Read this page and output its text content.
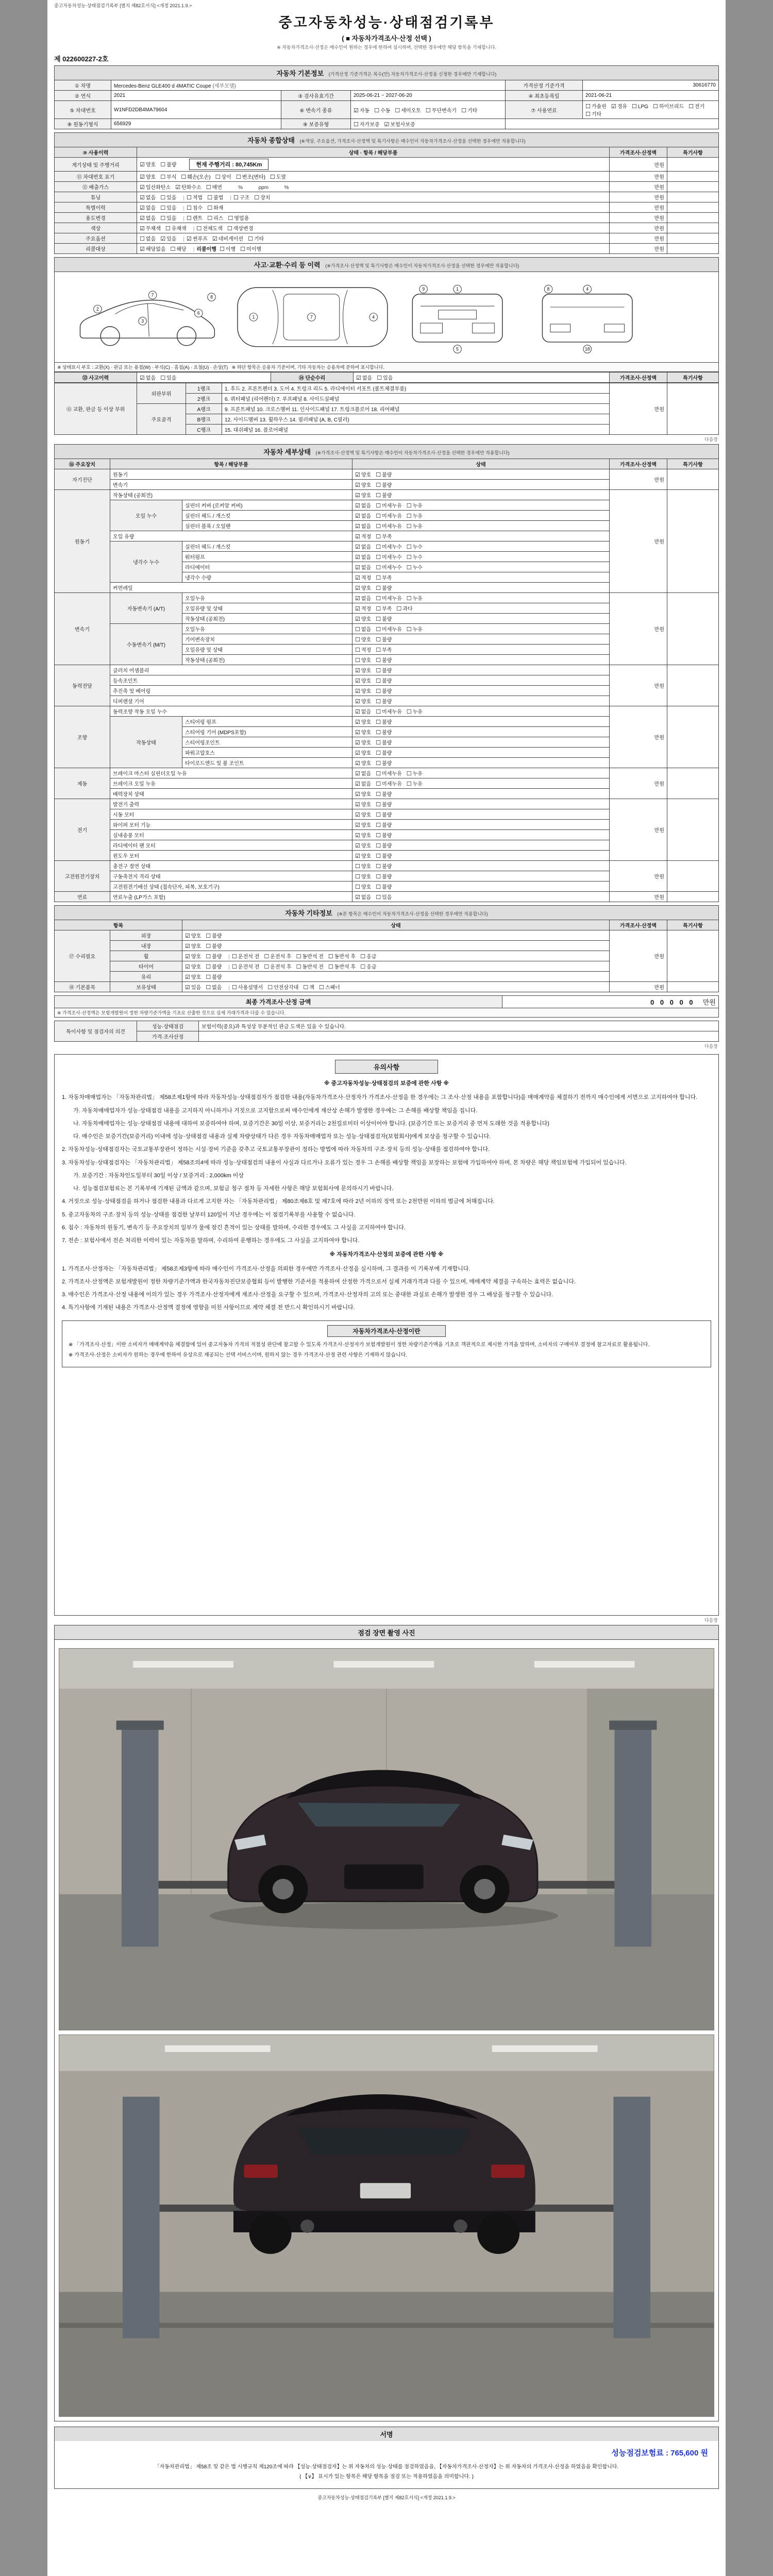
중고자동차성능·상태점검기록부 [별지 제82호서식] <개정 2021.1.9.>
중고자동차성능·상태점검기록부
( ■ 자동차가격조사·산정 선택 )
※ 자동차가격조사·산정은 매수인이 원하는 경우에 한하여 실시하며, 선택한 경우에만 해당 항목을 기재합니다.
제 022600227-2호
자동차 기본정보 (가격산정 기준가격은 복수(안) 자동차가격조사·산정을 신청한 경우에만 기재합니다)
① 차명	Mercedes-Benz GLE400 d 4MATIC Coupe (세부모델)			가격산정 기준가격	30616770
② 연식	2021	③ 검사유효기간	2025-06-21 ~ 2027-06-20	④ 최초등록일	2021-06-21
⑤ 차대번호	W1NFD2DB4MA79604	⑥ 변속기 종류	☑ 자동 ☐ 수동 ☐ 세미오토 ☐ 무단변속기 ☐ 기타	⑦ 사용연료	☐ 가솔린 ☑ 경유 ☐ LPG ☐ 하이브리드 ☐ 전기☐ 기타
⑧ 원동기형식	656929	⑨ 보증유형	☐ 자가보증 ☑ 보험사보증		
자동차 종합상태 (※색상, 주요옵션, 가격조사·산정액 및 특기사항은 매수인이 자동차가격조사·산정을 선택한 경우에만 적용합니다)
⑩ 사용이력	상태 · 항목 / 해당부품	가격조사·산정액	특기사항
계기상태 및 주행거리	☑ 양호 ☐ 불량 현재 주행거리 : 80,745Km	만원	
⑪ 차대번호 표기	☑ 양호 ☐ 부식 ☐ 훼손(오손) ☐ 상이 ☐ 변조(변타) ☐ 도말	만원	
⑫ 배출가스	☑ 일산화탄소 ☑ 탄화수소 ☐ 매연        %           ppm           %	만원	
튜닝	☑ 없음 ☐ 있음 | ☐ 적법 ☐ 불법 | ☐ 구조 ☐ 장치	만원	
특별이력	☑ 없음 ☐ 있음 | ☐ 침수 ☐ 화재	만원	
용도변경	☑ 없음 ☐ 있음 | ☐ 렌트 ☐ 리스 ☐ 영업용	만원	
색상	☑ 무채색 ☐ 유채색 | ☐ 전체도색 ☐ 색상변경	만원	
주요옵션	☐ 없음 ☑ 있음 | ☑ 썬루프 ☑ 네비게이션 ☐ 기타	만원	
리콜대상	☑ 해당없음 ☐ 해당 | 리콜이행 ☐ 이행 ☐ 미이행	만원	
사고·교환·수리 등 이력 (※가격조사·산정액 및 특기사항은 매수인이 자동차가격조사·산정을 선택한 경우에만 적용합니다)
2
3
7
6
8
1	7	4
9	1
5
8	4
18

※ 상태표시 부호 : 교환(X) · 판금 또는 용접(W) · 부식(C) · 흠집(A) · 요철(U) · 손상(T) ※ 하단 항목은 승용차 기준이며, 기타 자동차는 승용차에 준하여 표시합니다.
⑬ 사고이력	☑ 없음 ☐ 있음	⑭ 단순수리	☑ 없음 ☐ 있음	가격조사·산정액	특기사항
⑮ 교환, 판금 등 이상 부위	외판부위	1랭크	1. 후드 2. 프론트펜더 3. 도어 4. 트렁크 리드 5. 라디에이터 서포트 (볼트체결부품)	만원	
		2랭크	6. 쿼터패널 (리어펜더) 7. 루프패널 8. 사이드실패널		
	주요골격	A랭크	9. 프론트패널 10. 크로스멤버 11. 인사이드패널 17. 트렁크플로어 18. 리어패널		
		B랭크	12. 사이드멤버 13. 휠하우스 14. 필러패널 (A, B, C필러)		
		C랭크	15. 대쉬패널 16. 플로어패널		
다음장
자동차 세부상태 (※가격조사·산정액 및 특기사항은 매수인이 자동차가격조사·산정을 선택한 경우에만 적용합니다)
⑯ 주요장치	항목 / 해당부품		상태	가격조사·산정액	특기사항
자기진단	원동기		☑ 양호 ☐ 불량	만원	
	변속기		☑ 양호 ☐ 불량		
원동기	작동상태 (공회전)		☑ 양호 ☐ 불량	만원	
	오일 누수	실린더 커버 (로커암 커버)	☑ 없음 ☐ 미세누유 ☐ 누유		
		실린더 헤드 / 개스킷	☑ 없음 ☐ 미세누유 ☐ 누유		
		실린더 블록 / 오일팬	☑ 없음 ☐ 미세누유 ☐ 누유		
	오일 유량		☑ 적정 ☐ 부족		
	냉각수 누수	실린더 헤드 / 개스킷	☑ 없음 ☐ 미세누수 ☐ 누수		
		워터펌프	☑ 없음 ☐ 미세누수 ☐ 누수		
		라디에이터	☑ 없음 ☐ 미세누수 ☐ 누수		
		냉각수 수량	☑ 적정 ☐ 부족		
	커먼레일		☑ 양호 ☐ 불량		
변속기	자동변속기 (A/T)	오일누유	☑ 없음 ☐ 미세누유 ☐ 누유	만원	
		오일유량 및 상태	☑ 적정 ☐ 부족 ☐ 과다		
		작동상태 (공회전)	☑ 양호 ☐ 불량		
	수동변속기 (M/T)	오일누유	☐ 없음 ☐ 미세누유 ☐ 누유		
		기어변속장치	☐ 양호 ☐ 불량		
		오일유량 및 상태	☐ 적정 ☐ 부족		
		작동상태 (공회전)	☐ 양호 ☐ 불량		
동력전달	클러치 어셈블리		☑ 양호 ☐ 불량	만원	
	등속조인트		☑ 양호 ☐ 불량		
	추진축 및 베어링		☑ 양호 ☐ 불량		
	디퍼렌셜 기어		☑ 양호 ☐ 불량		
조향	동력조향 작동 오일 누수		☑ 없음 ☐ 미세누유 ☐ 누유	만원	
	작동상태	스티어링 펌프	☑ 양호 ☐ 불량		
		스티어링 기어 (MDPS포함)	☑ 양호 ☐ 불량		
		스티어링조인트	☑ 양호 ☐ 불량		
		파워고압호스	☑ 양호 ☐ 불량		
		타이로드엔드 및 볼 조인트	☑ 양호 ☐ 불량		
제동	브레이크 마스터 실린더오일 누유		☑ 없음 ☐ 미세누유 ☐ 누유	만원	
	브레이크 오일 누유		☑ 없음 ☐ 미세누유 ☐ 누유		
	배력장치 상태		☑ 양호 ☐ 불량		
전기	발전기 출력		☑ 양호 ☐ 불량	만원	
	시동 모터		☑ 양호 ☐ 불량		
	와이퍼 모터 기능		☑ 양호 ☐ 불량		
	실내송풍 모터		☑ 양호 ☐ 불량		
	라디에이터 팬 모터		☑ 양호 ☐ 불량		
	윈도우 모터		☑ 양호 ☐ 불량		
고전원전기장치	충전구 절연 상태		☐ 양호 ☐ 불량	만원	
	구동축전지 격리 상태		☐ 양호 ☐ 불량		
	고전원전기배선 상태 (접속단자, 피복, 보호기구)		☐ 양호 ☐ 불량		
연료	연료누출 (LP가스 포함)		☑ 없음 ☐ 있음	만원	
자동차 기타정보 (※본 항목은 매수인이 자동차가격조사·산정을 선택한 경우에만 적용합니다)
항목		상태	가격조사·산정액	특기사항
⑰ 수리필요	외장	☑ 양호 ☐ 불량	만원	
	내장	☑ 양호 ☐ 불량		
	휠	☑ 양호 ☐ 불량 | ☐ 운전석 전 ☐ 운전석 후 ☐ 동반석 전 ☐ 동반석 후 ☐ 응급		
	타이어	☑ 양호 ☐ 불량 | ☐ 운전석 전 ☐ 운전석 후 ☐ 동반석 전 ☐ 동반석 후 ☐ 응급		
	유리	☑ 양호 ☐ 불량		
⑱ 기본품목	보유상태	☑ 있음 ☐ 없음 | ☐ 사용설명서 ☐ 안전삼각대 ☐ 잭 ☐ 스패너	만원	
최종 가격조사·산정 금액	0 0 0 0 0 만원
※ 가격조사·산정액은 보험개발원이 정한 차량기준가액을 기초로 산출한 것으로 실제 거래가격과 다를 수 있습니다.
특이사항 및 점검자의 의견	성능·상태점검	보험이력(중요)과 특성상 부분적인 판금 도색은 있을 수 있습니다.
	가격·조사산정	
다음장
유의사항
※ 중고자동차성능·상태점검의 보증에 관한 사항 ※
1. 자동차매매업자는 「자동차관리법」 제58조제1항에 따라 자동차성능·상태점검자가 점검한 내용(자동차가격조사·산정자가 가격조사·산정을 한 경우에는 그 조사·산정 내용을 포함합니다)을 매매계약을 체결하기 전까지 매수인에게 서면으로 고지하여야 합니다.
가. 자동차매매업자가 성능·상태점검 내용을 고지하지 아니하거나 거짓으로 고지함으로써 매수인에게 재산상 손해가 발생한 경우에는 그 손해를 배상할 책임을 집니다.
나. 자동차매매업자는 성능·상태점검 내용에 대하여 보증하여야 하며, 보증기간은 30일 이상, 보증거리는 2천킬로미터 이상이어야 합니다. (보증기간 또는 보증거리 중 먼저 도래한 것을 적용합니다)
다. 매수인은 보증기간(보증거리) 이내에 성능·상태점검 내용과 실제 차량상태가 다른 경우 자동차매매업자 또는 성능·상태점검자(보험회사)에게 보상을 청구할 수 있습니다.
2. 자동차성능·상태점검자는 국토교통부장관이 정하는 시설·장비 기준을 갖추고 국토교통부장관이 정하는 방법에 따라 자동차의 구조·장치 등의 성능·상태를 점검하여야 합니다.
3. 자동차성능·상태점검자는 「자동차관리법」 제58조의4에 따라 성능·상태점검의 내용이 사실과 다르거나 오류가 있는 경우 그 손해를 배상할 책임을 보장하는 보험에 가입하여야 하며, 본 차량은 해당 책임보험에 가입되어 있습니다.
가. 보증기간 : 자동차인도일부터 30일 이상 / 보증거리 : 2,000km 이상
나. 성능점검보험료는 본 기록부에 기재된 금액과 같으며, 보험금 청구 절차 등 자세한 사항은 해당 보험회사에 문의하시기 바랍니다.
4. 거짓으로 성능·상태점검을 하거나 점검한 내용과 다르게 고지한 자는 「자동차관리법」 제80조제6호 및 제7호에 따라 2년 이하의 징역 또는 2천만원 이하의 벌금에 처해집니다.
5. 중고자동차의 구조·장치 등의 성능·상태를 점검한 날부터 120일이 지난 경우에는 이 점검기록부를 사용할 수 없습니다.
6. 침수 : 자동차의 원동기, 변속기 등 주요장치의 일부가 물에 잠긴 흔적이 있는 상태를 말하며, 수리한 경우에도 그 사실을 고지하여야 합니다.
7. 전손 : 보험사에서 전손 처리한 이력이 있는 자동차를 말하며, 수리하여 운행하는 경우에도 그 사실을 고지하여야 합니다.
※ 자동차가격조사·산정의 보증에 관한 사항 ※
1. 가격조사·산정자는 「자동차관리법」 제58조제3항에 따라 매수인이 가격조사·산정을 의뢰한 경우에만 가격조사·산정을 실시하며, 그 결과를 이 기록부에 기재합니다.
2. 가격조사·산정액은 보험개발원이 정한 차량기준가액과 한국자동차진단보증협회 등이 발행한 기준서를 적용하여 산정한 가격으로서 실제 거래가격과 다를 수 있으며, 매매계약 체결을 구속하는 효력은 없습니다.
3. 매수인은 가격조사·산정 내용에 이의가 있는 경우 가격조사·산정자에게 재조사·산정을 요구할 수 있으며, 가격조사·산정자의 고의 또는 중대한 과실로 손해가 발생한 경우 그 배상을 청구할 수 있습니다.
4. 특기사항에 기재된 내용은 가격조사·산정액 결정에 영향을 미친 사항이므로 계약 체결 전 반드시 확인하시기 바랍니다.
자동차가격조사·산정이란
※ 「가격조사·산정」이란 소비자가 매매계약을 체결함에 있어 중고자동차 가격의 적절성 판단에 참고할 수 있도록 가격조사·산정자가 보험개발원이 정한 차량기준가액을 기초로 객관적으로 제시한 가격을 말하며, 소비자의 구매여부 결정에 참고자료로 활용됩니다.
※ 가격조사·산정은 소비자가 원하는 경우에 한하여 유상으로 제공되는 선택 서비스이며, 원하지 않는 경우 가격조사·산정 관련 사항은 기재하지 않습니다.
다음장
점검 장면 촬영 사진
서명
성능점검보험료 : 765,600 원
「자동차관리법」 제58조 및 같은 법 시행규칙 제120조에 따라 【성능·상태점검자】는 위 자동차의 성능·상태를 점검하였음을, 【자동차가격조사·산정자】는 위 자동차의 가격조사·산정을 하였음을 확인합니다.
( 【∨】 표시가 있는 항목은 해당 항목을 점검 또는 적용하였음을 의미합니다. )
중고자동차성능·상태점검기록부 [별지 제82호서식] <개정 2021.1.9.>
